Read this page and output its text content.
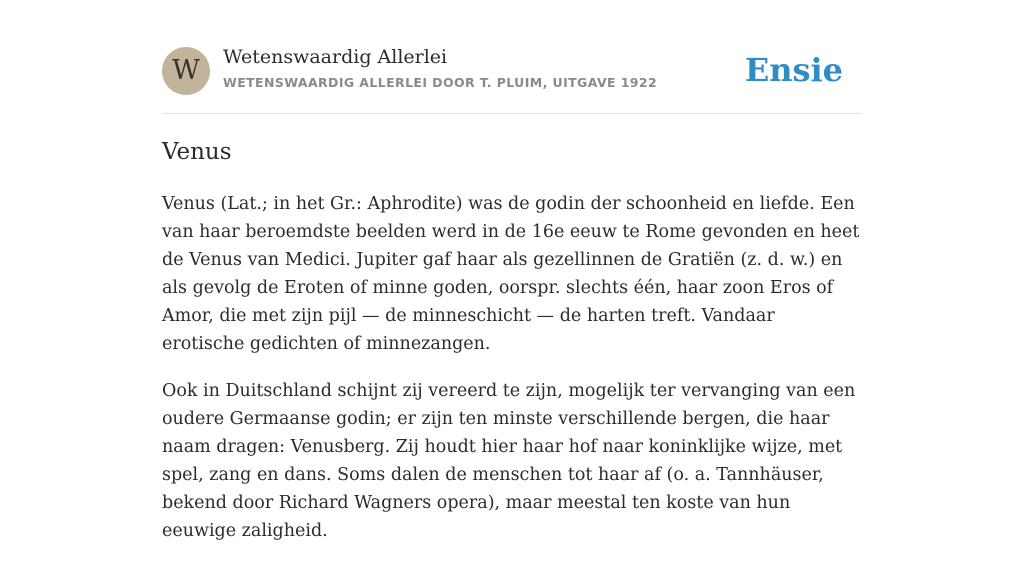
W	Wetenswaardig Allerlei
WETENSWAARDIG ALLERLEI DOOR T. PLUIM, UITGAVE 1922	Ensie
Venus

Venus (Lat.; in het Gr.: Aphrodite) was de godin der schoonheid en liefde. Een van haar beroemdste beelden werd in de 16e eeuw te Rome gevonden en heet de Venus van Medici. Jupiter gaf haar als gezellinnen de Gratiën (z. d. w.) en als gevolg de Eroten of minne goden, oorspr. slechts één, haar zoon Eros of Amor, die met zijn pijl — de minneschicht — de harten treft. Vandaar erotische gedichten of minnezangen.

Ook in Duitschland schijnt zij vereerd te zijn, mogelijk ter vervanging van een oudere Germaanse godin; er zijn ten minste verschillende bergen, die haar naam dragen: Venusberg. Zij houdt hier haar hof naar koninklijke wijze, met spel, zang en dans. Soms dalen de menschen tot haar af (o. a. Tannhäuser, bekend door Richard Wagners opera), maar meestal ten koste van hun eeuwige zaligheid.
